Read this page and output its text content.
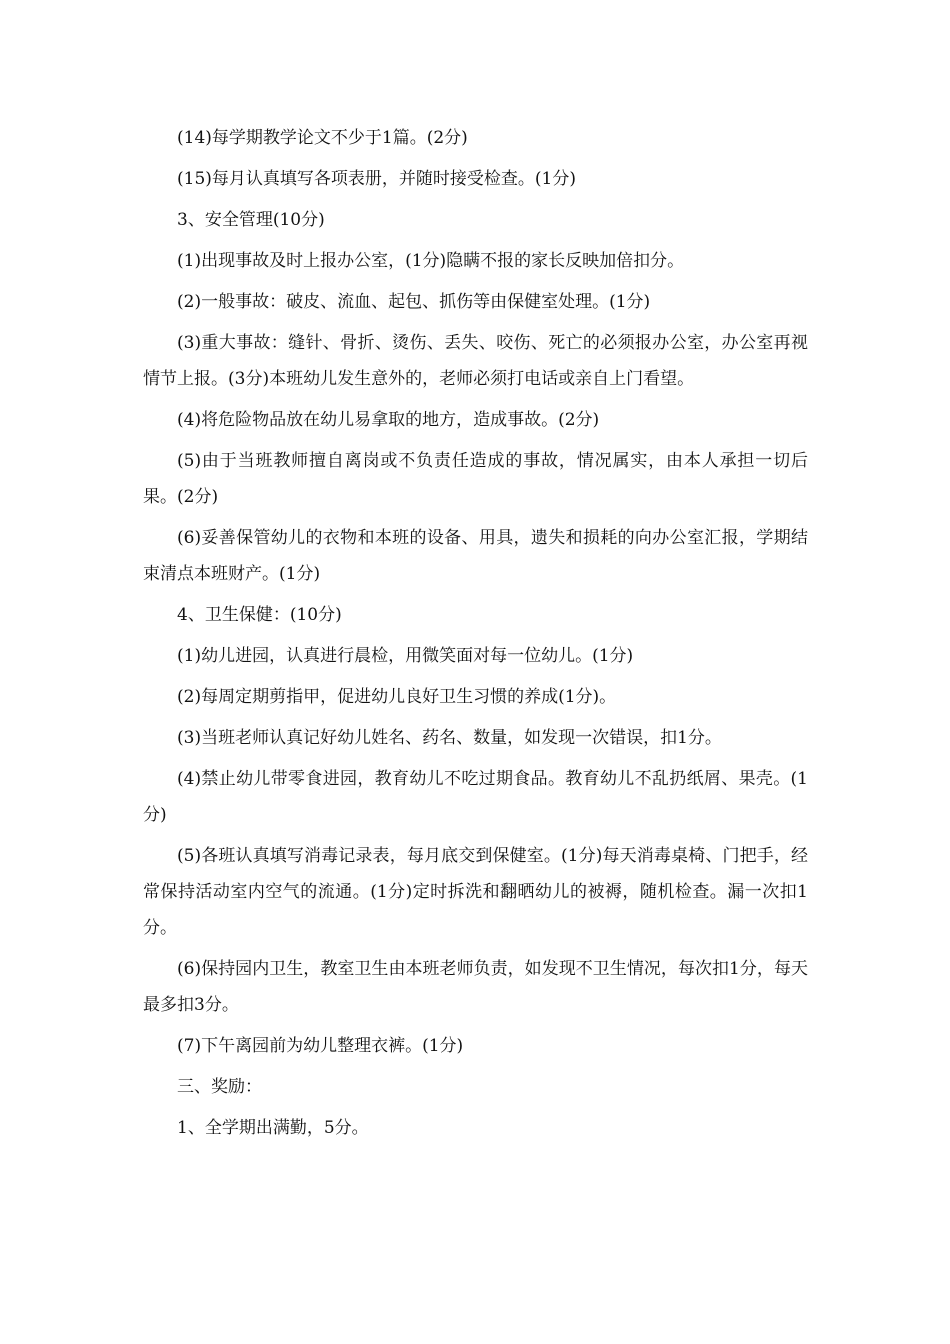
(14)每学期教学论文不少于1篇。(2分)

(15)每月认真填写各项表册，并随时接受检查。(1分)

3、安全管理(10分)

(1)出现事故及时上报办公室，(1分)隐瞒不报的家长反映加倍扣分。

(2)一般事故：破皮、流血、起包、抓伤等由保健室处理。(1分)

(3)重大事故：缝针、骨折、烫伤、丢失、咬伤、死亡的必须报办公室，办公室再视情节上报。(3分)本班幼儿发生意外的，老师必须打电话或亲自上门看望。

(4)将危险物品放在幼儿易拿取的地方，造成事故。(2分)

(5)由于当班教师擅自离岗或不负责任造成的事故，情况属实，由本人承担一切后果。(2分)

(6)妥善保管幼儿的衣物和本班的设备、用具，遗失和损耗的向办公室汇报，学期结束清点本班财产。(1分)

4、卫生保健：(10分)

(1)幼儿进园，认真进行晨检，用微笑面对每一位幼儿。(1分)

(2)每周定期剪指甲，促进幼儿良好卫生习惯的养成(1分)。

(3)当班老师认真记好幼儿姓名、药名、数量，如发现一次错误，扣1分。

(4)禁止幼儿带零食进园，教育幼儿不吃过期食品。教育幼儿不乱扔纸屑、果壳。(1分)

(5)各班认真填写消毒记录表，每月底交到保健室。(1分)每天消毒桌椅、门把手，经常保持活动室内空气的流通。(1分)定时拆洗和翻晒幼儿的被褥，随机检查。漏一次扣1分。

(6)保持园内卫生，教室卫生由本班老师负责，如发现不卫生情况，每次扣1分，每天最多扣3分。

(7)下午离园前为幼儿整理衣裤。(1分)

三、奖励：

1、全学期出满勤，5分。
